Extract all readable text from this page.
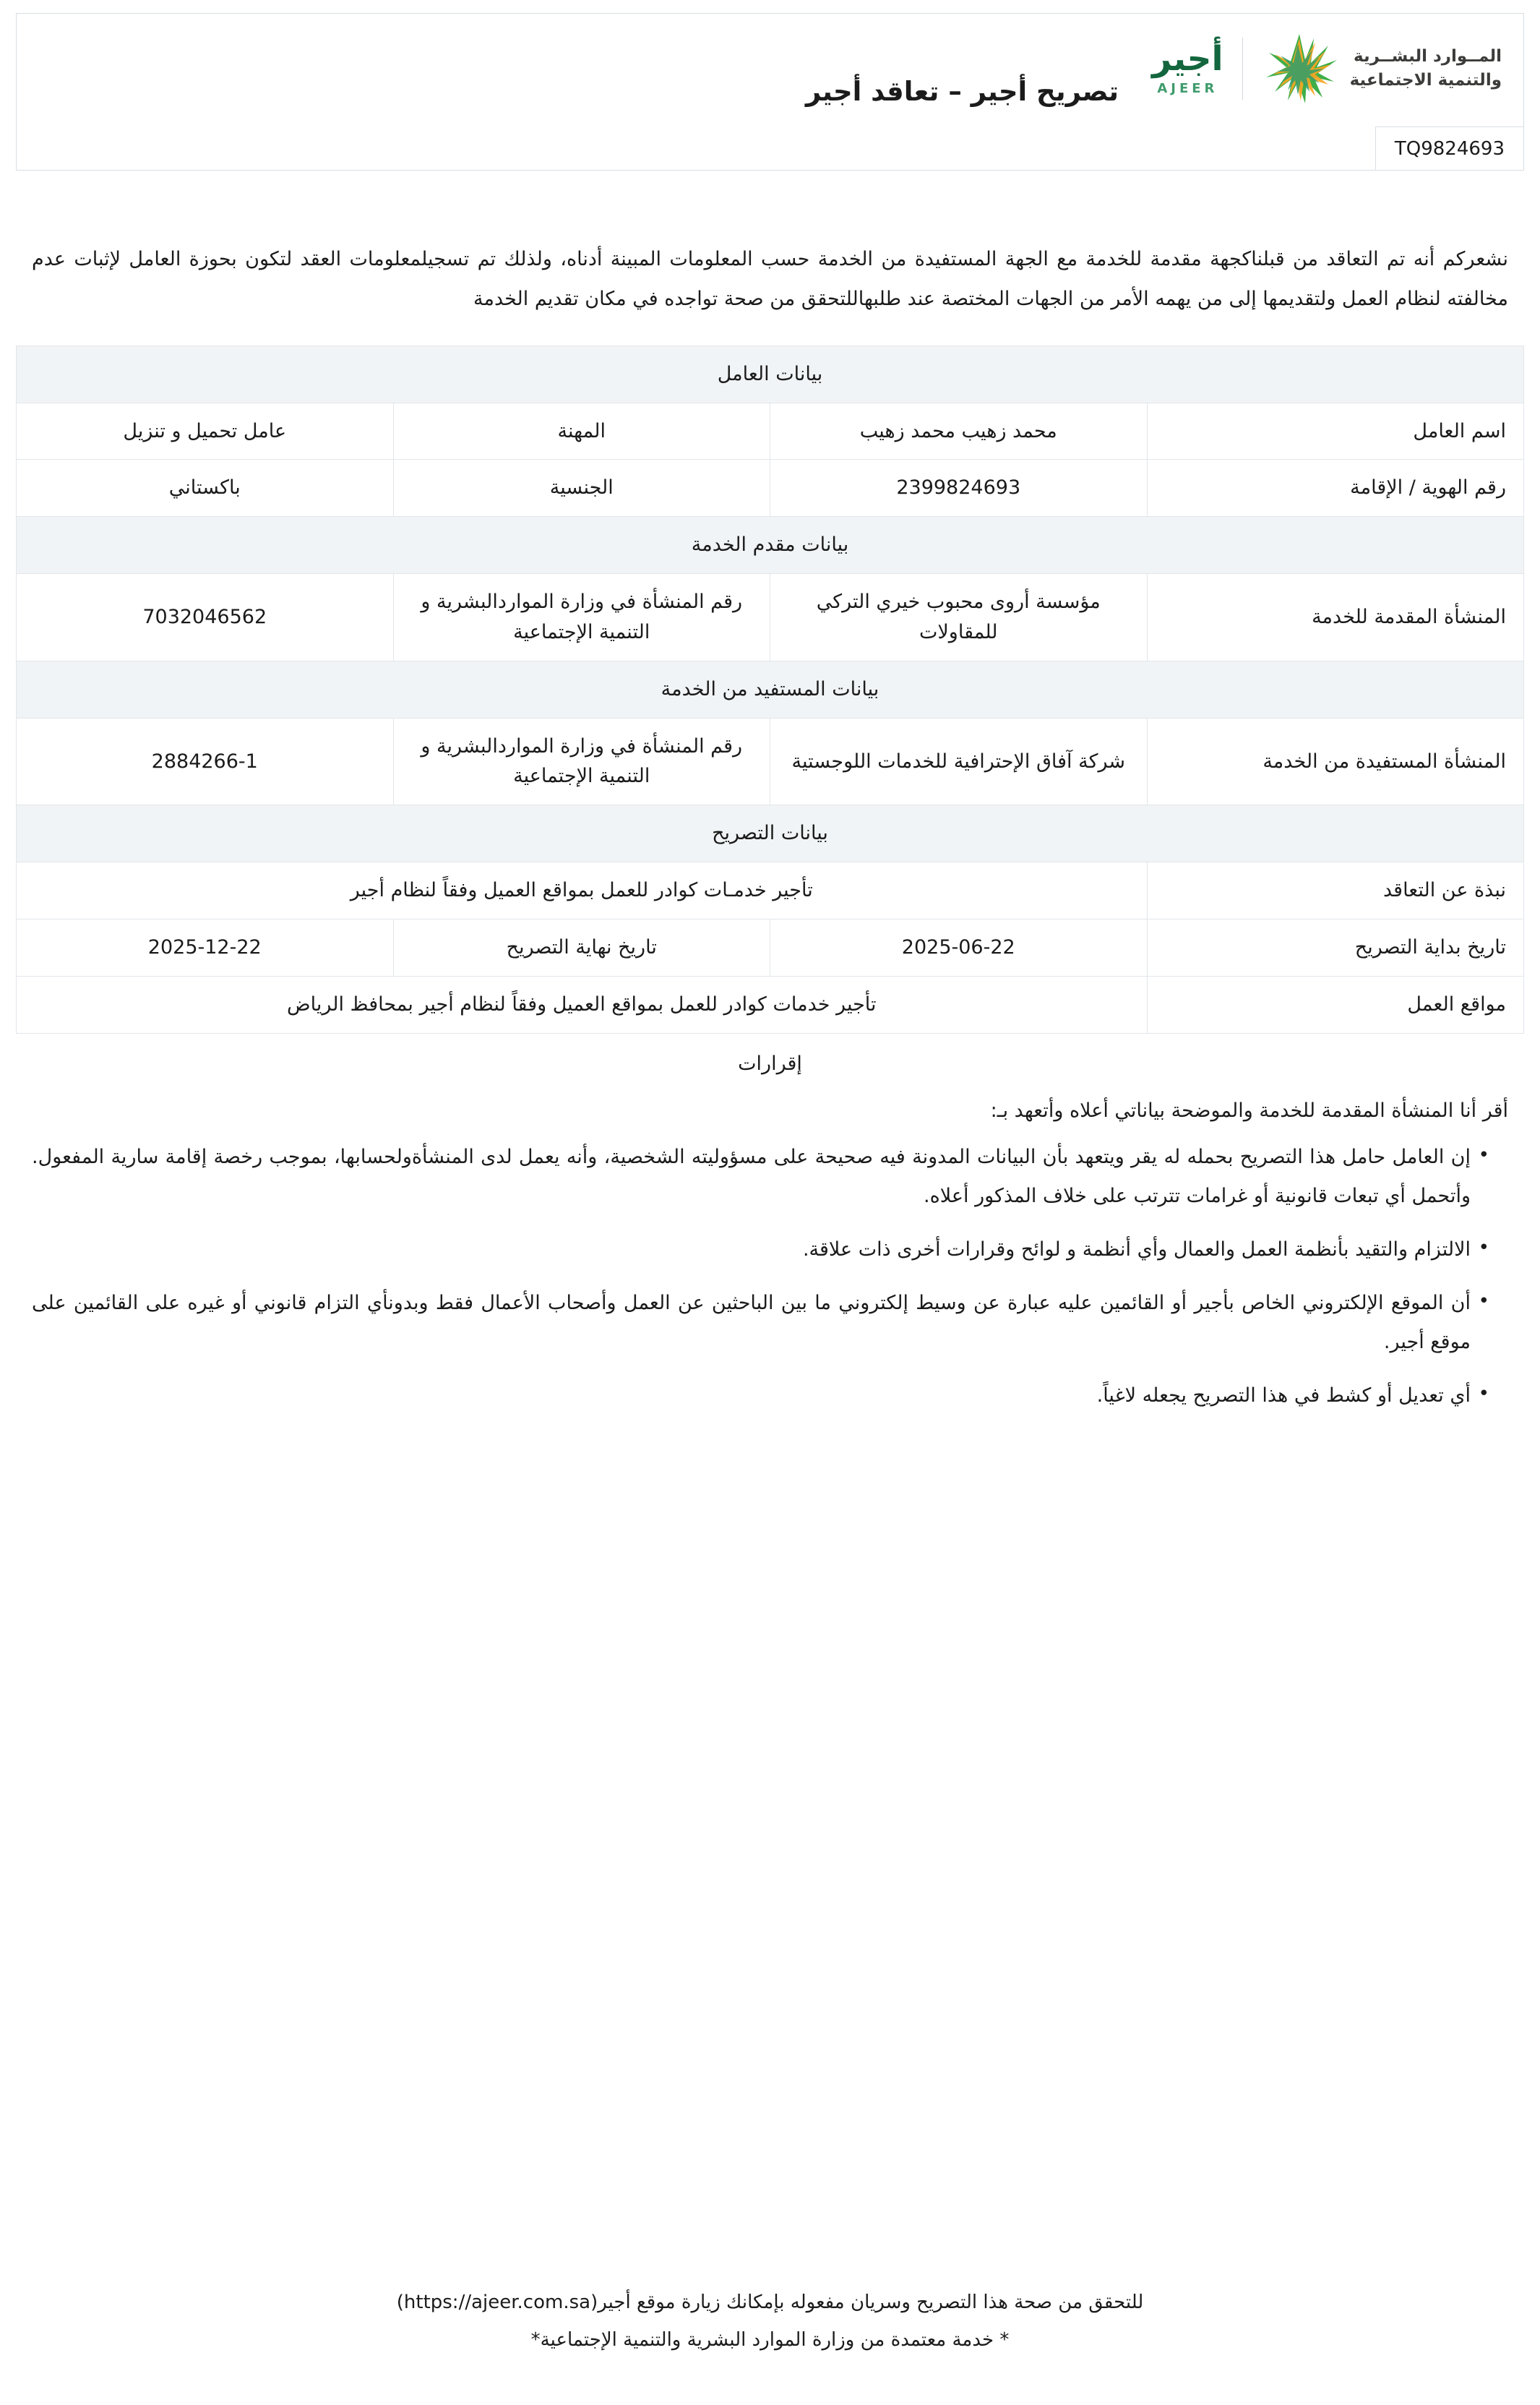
المــوارد البشــرية
والتنمية الاجتماعية
أجير
AJEER
تصريح أجير – تعاقد أجير
TQ9824693
نشعركم أنه تم التعاقد من قبلناكجهة مقدمة للخدمة مع الجهة المستفيدة من الخدمة حسب المعلومات المبينة أدناه، ولذلك تم تسجيلمعلومات العقد لتكون بحوزة العامل لإثبات عدم مخالفته لنظام العمل ولتقديمها إلى من يهمه الأمر من الجهات المختصة عند طلبهاللتحقق من صحة تواجده في مكان تقديم الخدمة
بيانات العامل			
اسم العامل	محمد زهيب محمد زهيب	المهنة	عامل تحميل و تنزيل
رقم الهوية / الإقامة	2399824693	الجنسية	باكستاني
بيانات مقدم الخدمة			
المنشأة المقدمة للخدمة	مؤسسة أروى محبوب خيري التركي للمقاولات	رقم المنشأة في وزارة المواردالبشرية و التنمية الإجتماعية	7032046562
بيانات المستفيد من الخدمة			
المنشأة المستفيدة من الخدمة	شركة آفاق الإحترافية للخدمات اللوجستية	رقم المنشأة في وزارة المواردالبشرية و التنمية الإجتماعية	2884266-1
بيانات التصريح			
نبذة عن التعاقد	تأجير خدمـات كوادر للعمل بمواقع العميل وفقاً لنظام أجير		
تاريخ بداية التصريح	2025-06-22	تاريخ نهاية التصريح	2025-12-22
مواقع العمل	تأجير خدمات كوادر للعمل بمواقع العميل وفقاً لنظام أجير بمحافظ الرياض		
إقرارات
أقر أنا المنشأة المقدمة للخدمة والموضحة بياناتي أعلاه وأتعهد بـ:
• إن العامل حامل هذا التصريح بحمله له يقر ويتعهد بأن البيانات المدونة فيه صحيحة على مسؤوليته الشخصية، وأنه يعمل لدى المنشأةولحسابها، بموجب رخصة إقامة سارية المفعول. وأتحمل أي تبعات قانونية أو غرامات تترتب على خلاف المذكور أعلاه.
• الالتزام والتقيد بأنظمة العمل والعمال وأي أنظمة و لوائح وقرارات أخرى ذات علاقة.
• أن الموقع الإلكتروني الخاص بأجير أو القائمين عليه عبارة عن وسيط إلكتروني ما بين الباحثين عن العمل وأصحاب الأعمال فقط وبدونأي التزام قانوني أو غيره على القائمين على موقع أجير.
• أي تعديل أو كشط في هذا التصريح يجعله لاغياً.
للتحقق من صحة هذا التصريح وسريان مفعوله بإمكانك زيارة موقع أجير(https://ajeer.com.sa)
* خدمة معتمدة من وزارة الموارد البشرية والتنمية الإجتماعية*
